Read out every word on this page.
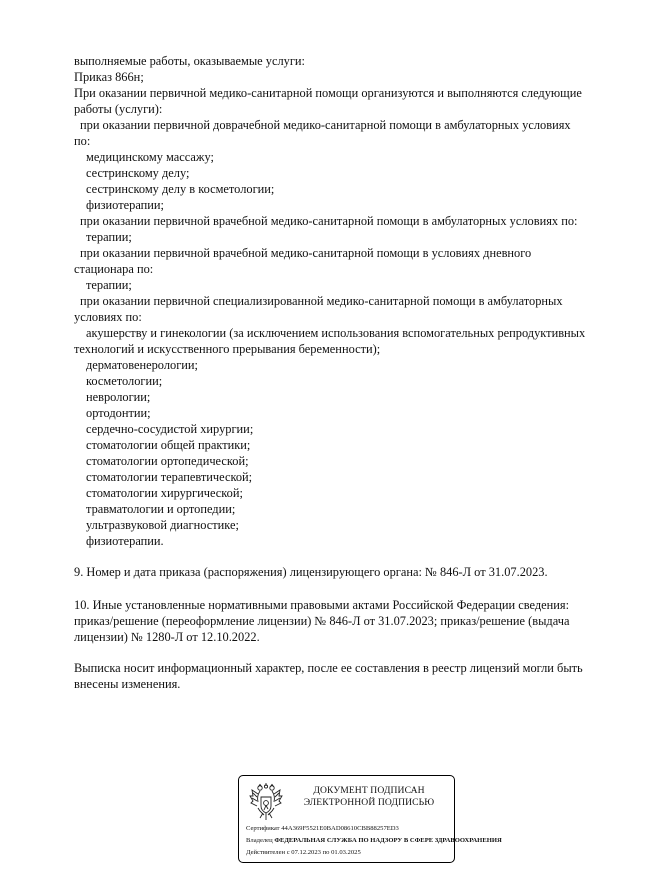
выполняемые работы, оказываемые услуги:
Приказ 866н;
При оказании первичной медико-санитарной помощи организуются и выполняются следующие
работы (услуги):
при оказании первичной доврачебной медико-санитарной помощи в амбулаторных условиях
по:
медицинскому массажу;
сестринскому делу;
сестринскому делу в косметологии;
физиотерапии;
при оказании первичной врачебной медико-санитарной помощи в амбулаторных условиях по:
терапии;
при оказании первичной врачебной медико-санитарной помощи в условиях дневного
стационара по:
терапии;
при оказании первичной специализированной медико-санитарной помощи в амбулаторных
условиях по:
акушерству и гинекологии (за исключением использования вспомогательных репродуктивных
технологий и искусственного прерывания беременности);
дерматовенерологии;
косметологии;
неврологии;
ортодонтии;
сердечно-сосудистой хирургии;
стоматологии общей практики;
стоматологии ортопедической;
стоматологии терапевтической;
стоматологии хирургической;
травматологии и ортопедии;
ультразвуковой диагностике;
физиотерапии.
9. Номер и дата приказа (распоряжения) лицензирующего органа: № 846-Л от 31.07.2023.
10. Иные установленные нормативными правовыми актами Российской Федерации сведения:
приказ/решение (переоформление лицензии) № 846-Л от 31.07.2023; приказ/решение (выдача
лицензии) № 1280-Л от 12.10.2022.
Выписка носит информационный характер, после ее составления в реестр лицензий могли быть
внесены изменения.
ДОКУМЕНТ ПОДПИСАН
ЭЛЕКТРОННОЙ ПОДПИСЬЮ
Сертификат 44A369F5521E0BAD08610CBB88257ED3
Владелец ФЕДЕРАЛЬНАЯ СЛУЖБА ПО НАДЗОРУ В СФЕРЕ ЗДРАВООХРАНЕНИЯ
Действителен с 07.12.2023 по 01.03.2025
